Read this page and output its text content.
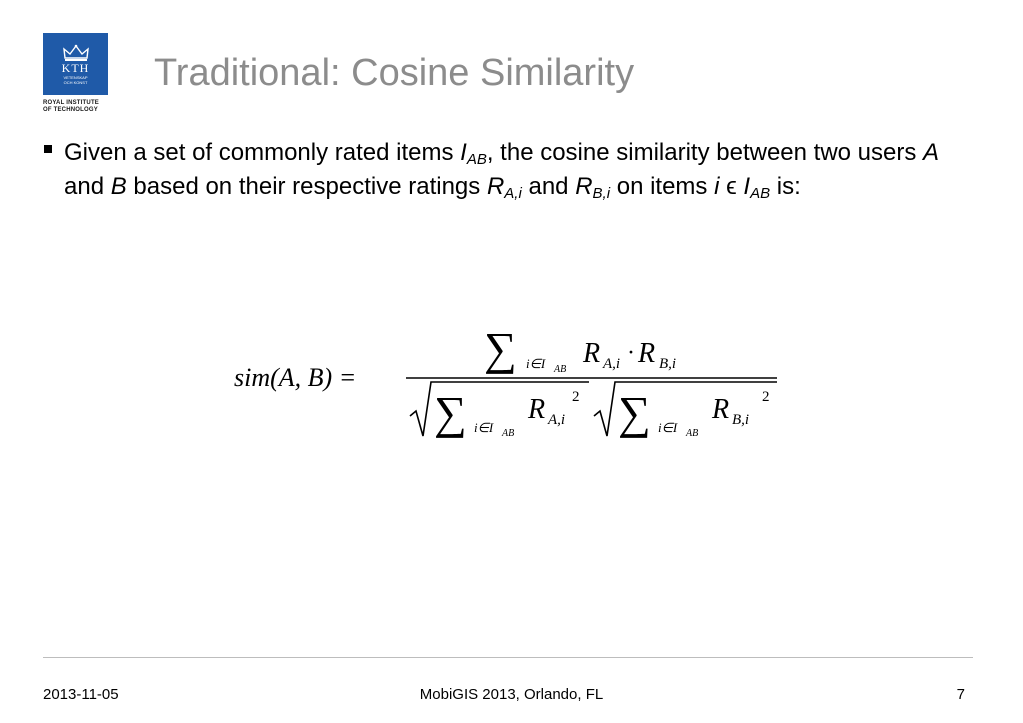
KTH
VETENSKAP
OCH KONST
ROYAL INSTITUTE
OF TECHNOLOGY
Traditional: Cosine Similarity
Given a set of commonly rated items $I_{AB}$, the cosine similarity between two users A and B based on their respective ratings $R_{A,i}$ and $R_{B,i}$ on items i ϵ $I_{AB}$ is:
sim(A, B) =
∑ i∈I AB
R A,i · R B,i
∑ i∈I AB
R A,i
2 ∑ i∈I AB
R B,i
2
MobiGIS 2013, Orlando, FL
2013-11-05	7
